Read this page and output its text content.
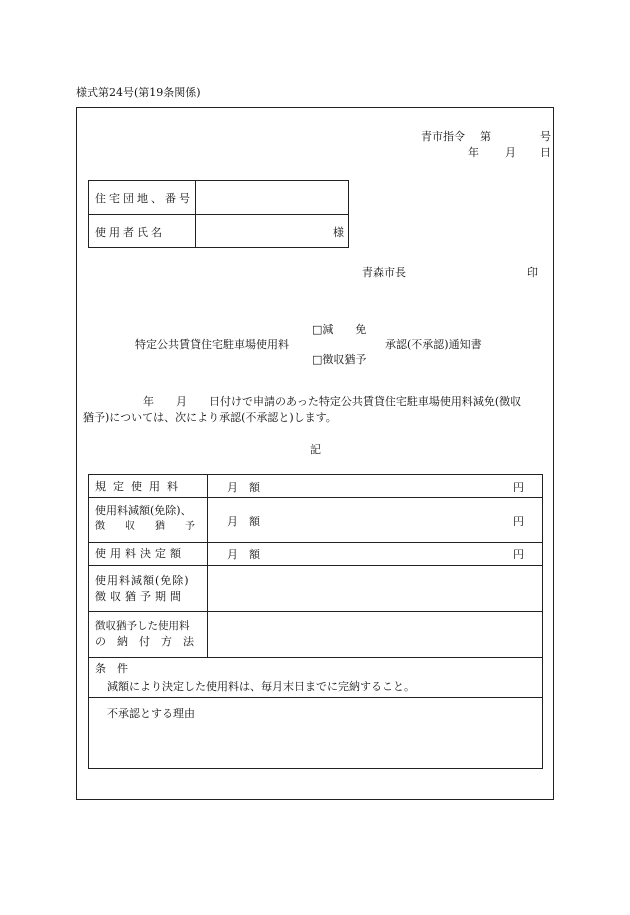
様式第24号(第19条関係)
青市指令 第	号
年 月 日
住宅団地、番号
使用者氏名	様
青森市長	印
□減　　免
特定公共賃貸住宅駐車場使用料	承認(不承認)通知書
□徴収猶予
年　　月　　日付けで申請のあった特定公共賃貸住宅駐車場使用料減免(徴収
猶予)については、次により承認(不承認と)します。
記
規定使用料	月　額	円
使用料減額(免除)、
徴　　収　　猶　　予	月　額	円
使用料決定額	月　額	円
使用料減額(免除)
徴収猶予期間
徴収猶予した使用料
の　納　付　方　法
条　件
減額により決定した使用料は、毎月末日までに完納すること。
不承認とする理由
